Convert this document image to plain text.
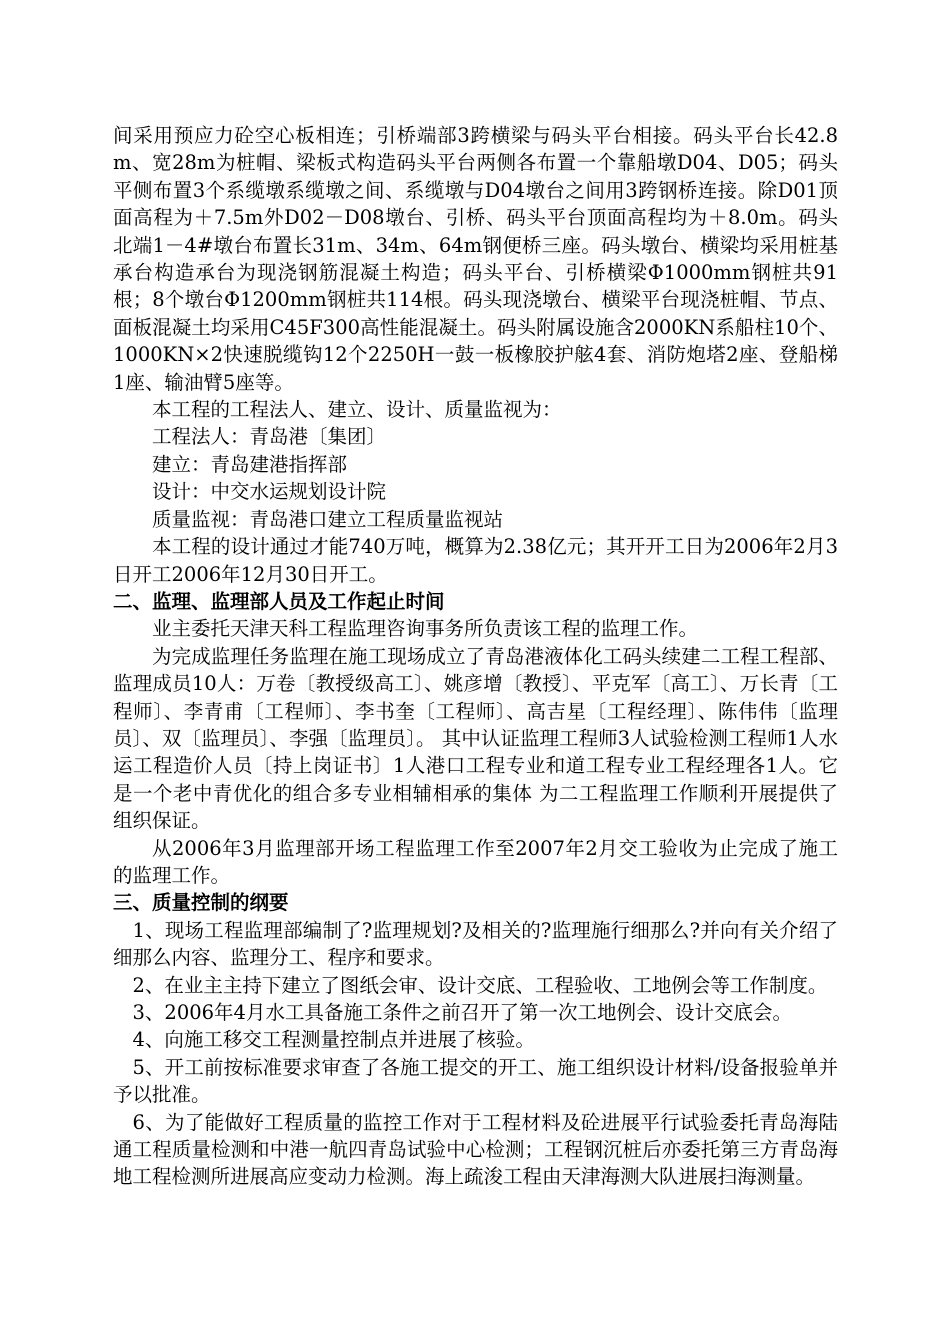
间采用预应力砼空心板相连；引桥端部3跨横梁与码头平台相接。码头平台长42.8m、宽28m为桩帽、梁板式构造码头平台两侧各布置一个靠船墩D04、D05；码头平侧布置3个系缆墩系缆墩之间、系缆墩与D04墩台之间用3跨钢桥连接。除D01顶面高程为＋7.5m外D02－D08墩台、引桥、码头平台顶面高程均为＋8.0m。码头北端1－4#墩台布置长31m、34m、64m钢便桥三座。码头墩台、横梁均采用桩基承台构造承台为现浇钢筋混凝土构造；码头平台、引桥横梁Φ1000mm钢桩共91根；8个墩台Φ1200mm钢桩共114根。码头现浇墩台、横梁平台现浇桩帽、节点、面板混凝土均采用C45F300高性能混凝土。码头附属设施含2000KN系船柱10个、1000KN×2快速脱缆钩12个2250H一鼓一板橡胶护舷4套、消防炮塔2座、登船梯1座、输油臂5座等。

本工程的工程法人、建立、设计、质量监视为：

工程法人：青岛港〔集团〕

建立：青岛建港指挥部

设计：中交水运规划设计院

质量监视：青岛港口建立工程质量监视站

本工程的设计通过才能740万吨，概算为2.38亿元；其开开工日为2006年2月3日开工2006年12月30日开工。

二、监理、监理部人员及工作起止时间

业主委托天津天科工程监理咨询事务所负责该工程的监理工作。

为完成监理任务监理在施工现场成立了青岛港液体化工码头续建二工程工程部、监理成员10人：万卷〔教授级高工〕、姚彦增〔教授〕、平克军〔高工〕、万长青〔工程师〕、李青甫〔工程师〕、李书奎〔工程师〕、高吉星〔工程经理〕、陈伟伟〔监理员〕、双〔监理员〕、李强〔监理员〕。 其中认证监理工程师3人试验检测工程师1人水运工程造价人员〔持上岗证书〕1人港口工程专业和道工程专业工程经理各1人。它是一个老中青优化的组合多专业相辅相承的集体 为二工程监理工作顺利开展提供了组织保证。

从2006年3月监理部开场工程监理工作至2007年2月交工验收为止完成了施工的监理工作。

三、质量控制的纲要

1、现场工程监理部编制了?监理规划?及相关的?监理施行细那么?并向有关介绍了细那么内容、监理分工、程序和要求。

2、在业主主持下建立了图纸会审、设计交底、工程验收、工地例会等工作制度。

3、2006年4月水工具备施工条件之前召开了第一次工地例会、设计交底会。

4、向施工移交工程测量控制点并进展了核验。

5、开工前按标准要求审查了各施工提交的开工、施工组织设计材料/设备报验单并予以批准。

6、为了能做好工程质量的监控工作对于工程材料及砼进展平行试验委托青岛海陆通工程质量检测和中港一航四青岛试验中心检测；工程钢沉桩后亦委托第三方青岛海地工程检测所进展高应变动力检测。海上疏浚工程由天津海测大队进展扫海测量。
